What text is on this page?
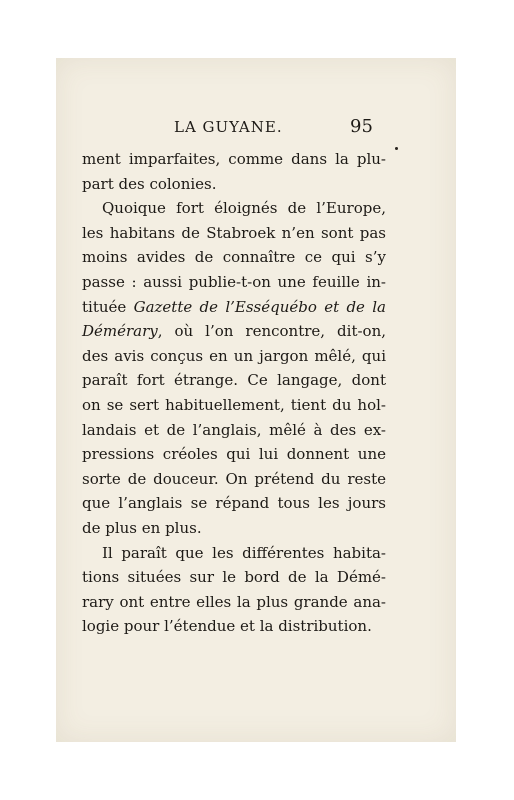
LA GUYANE.	95
ment imparfaites, comme dans la plu-
part des colonies.
Quoique fort éloignés de l’Europe,
les habitans de Stabroek n’en sont pas
moins avides de connaître ce qui s’y
passe : aussi publie-t-on une feuille in-
tituée Gazette de l’Esséquébo et de la
Démérary, où l’on rencontre, dit-on,
des avis conçus en un jargon mêlé, qui
paraît fort étrange. Ce langage, dont
on se sert habituellement, tient du hol-
landais et de l’anglais, mêlé à des ex-
pressions créoles qui lui donnent une
sorte de douceur. On prétend du reste
que l’anglais se répand tous les jours
de plus en plus.
Il paraît que les différentes habita-
tions situées sur le bord de la Démé-
rary ont entre elles la plus grande ana-
logie pour l’étendue et la distribution.
